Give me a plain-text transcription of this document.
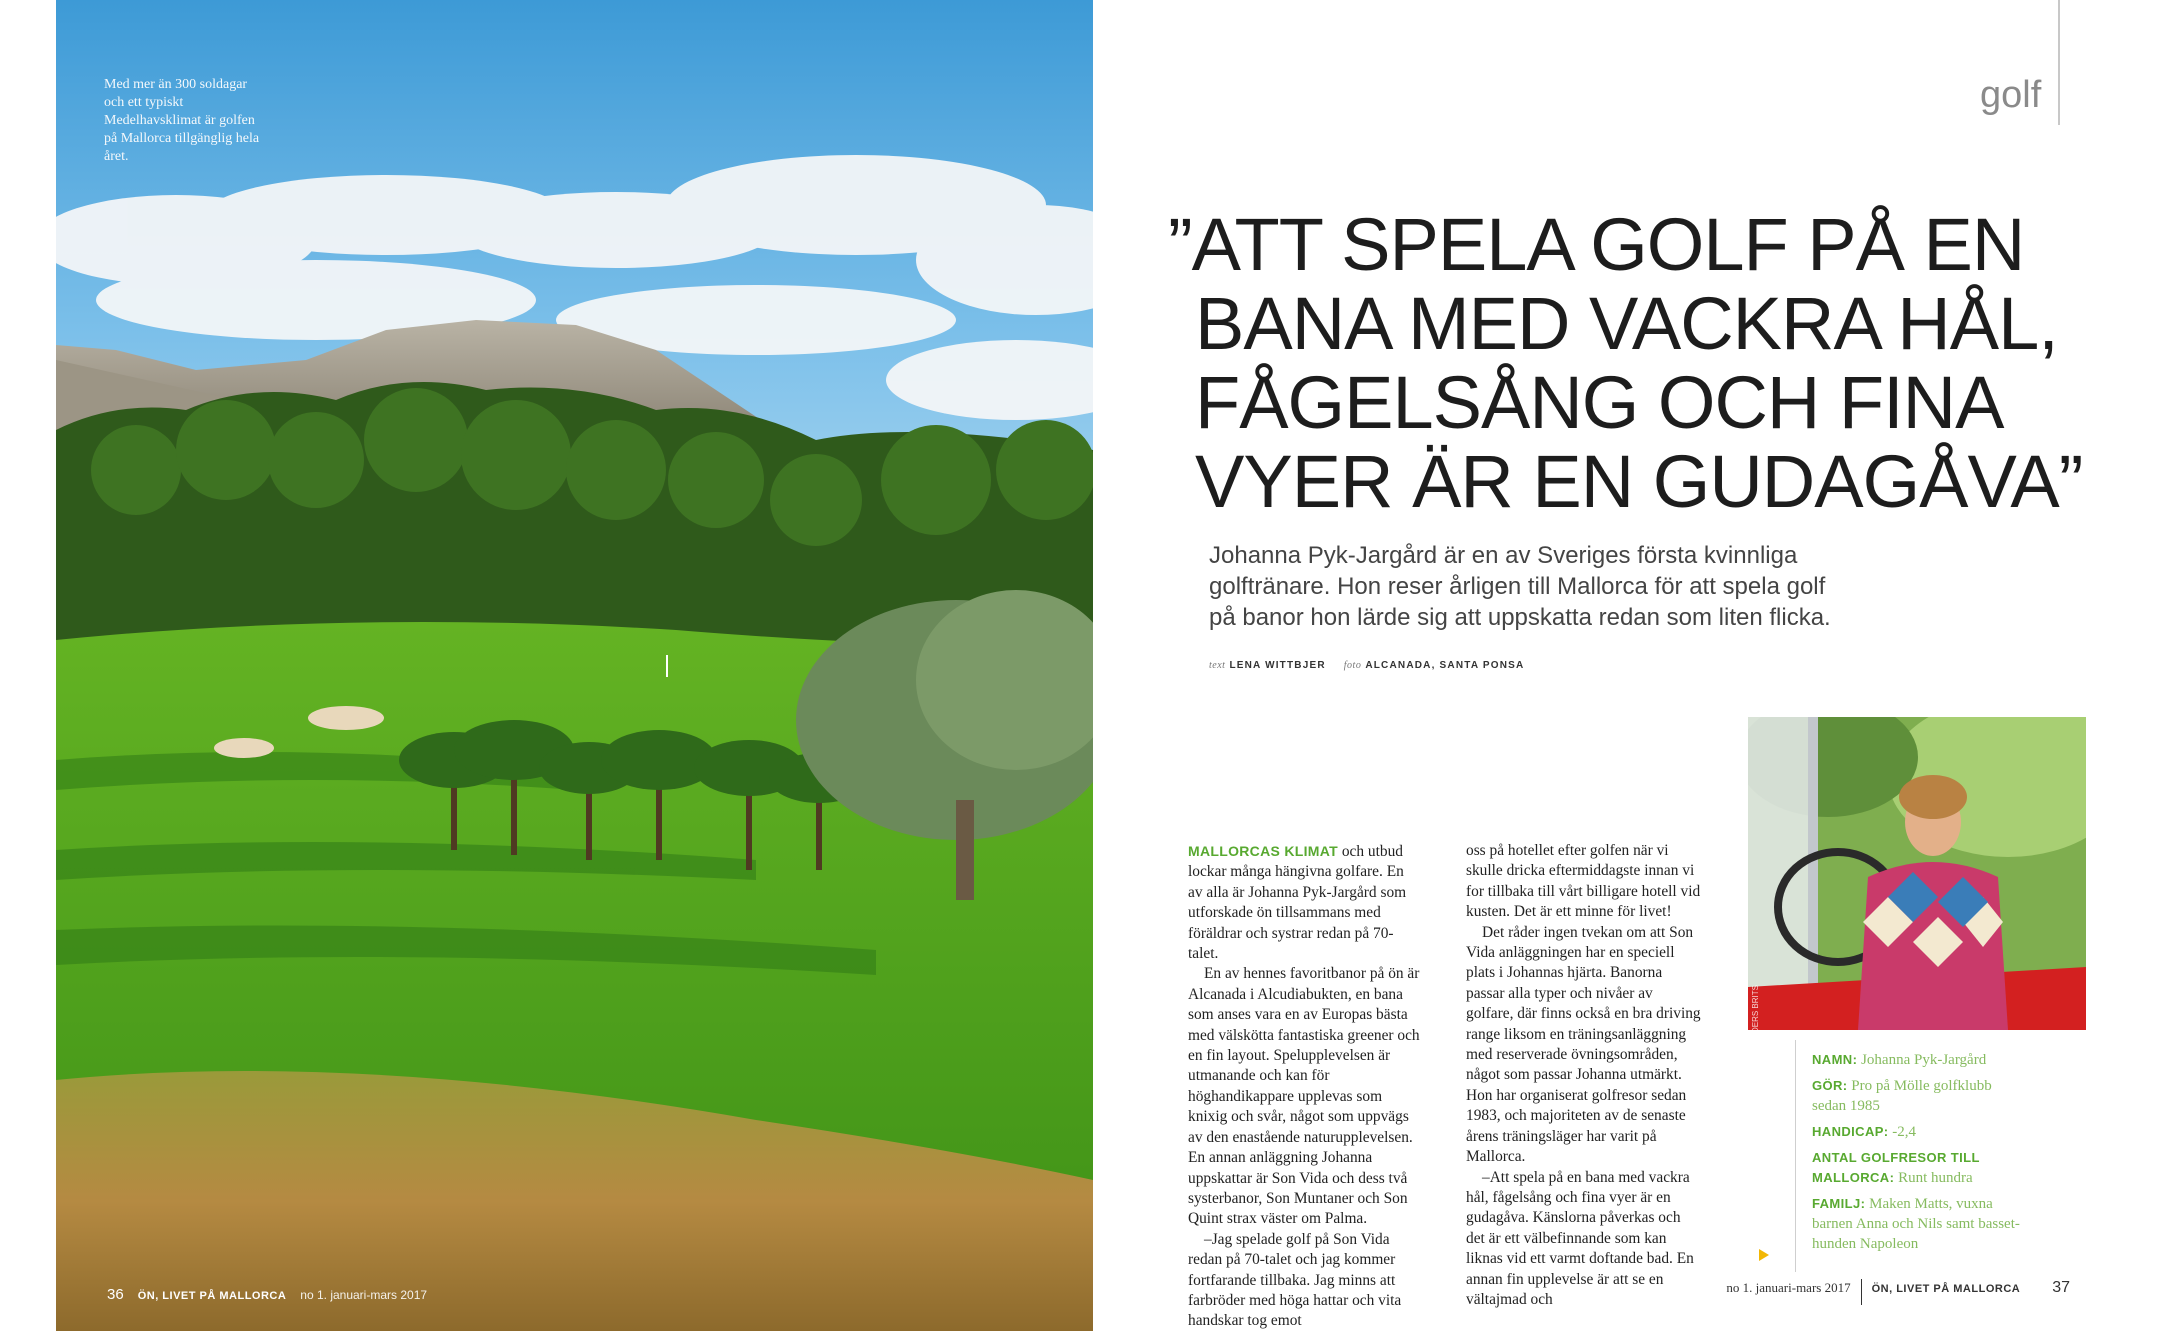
Med mer än 300 soldagar och ett typiskt Medelhavsklimat är golfen på Mallorca tillgänglig hela året.
36 ÖN, LIVET PÅ MALLORCA no 1. januari-mars 2017
golf
”ATT SPELA GOLF PÅ EN
BANA MED VACKRA HÅL,
FÅGELSÅNG OCH FINA
VYER ÄR EN GUDAGÅVA”
Johanna Pyk-Jargård är en av Sveriges första kvinnliga golftränare. Hon reser årligen till Mallorca för att spela golf på banor hon lärde sig att uppskatta redan som liten flicka.
text LENA WITTBJER foto ALCANADA, SANTA PONSA

MALLORCAS KLIMAT och utbud lockar många hängivna golfare. En av alla är Johanna Pyk-Jargård som utforskade ön tillsammans med föräldrar och systrar redan på 70-talet.

En av hennes favoritbanor på ön är Alcanada i Alcudiabukten, en bana som anses vara en av Europas bästa med välskötta fantastiska greener och en fin layout. Spelupplevelsen är utmanande och kan för höghandikappare upplevas som knixig och svår, något som uppvägs av den enastående naturupplevelsen. En annan anläggning Johanna uppskattar är Son Vida och dess två systerbanor, Son Muntaner och Son Quint strax väster om Palma.

–Jag spelade golf på Son Vida redan på 70-talet och jag kommer fortfarande tillbaka. Jag minns att farbröder med höga hattar och vita handskar tog emot

oss på hotellet efter golfen när vi skulle dricka eftermiddagste innan vi for tillbaka till vårt billigare hotell vid kusten. Det är ett minne för livet!

Det råder ingen tvekan om att Son Vida anläggningen har en speciell plats i Johannas hjärta. Banorna passar alla typer och nivåer av golfare, där finns också en bra driving range liksom en träningsanläggning med reserverade övningsområden, något som passar Johanna utmärkt. Hon har organiserat golfresor sedan 1983, och majoriteten av de senaste årens träningsläger har varit på Mallorca.

–Att spela på en bana med vackra hål, fågelsång och fina vyer är en gudagåva. Känslorna påverkas och det är ett välbefinnande som kan liknas vid ett varmt doftande bad. En annan fin upplevelse är att se en vältajmad och

FOTO: ANDERS BRITS	NAMN: Johanna Pyk-Jargård
GÖR: Pro på Mölle golfklubb sedan 1985
HANDICAP: -2,4
ANTAL GOLFRESOR TILL MALLORCA: Runt hundra
FAMILJ: Maken Matts, vuxna barnen Anna och Nils samt basset-hunden Napoleon
no 1. januari-mars 2017 ÖN, LIVET PÅ MALLORCA 37
